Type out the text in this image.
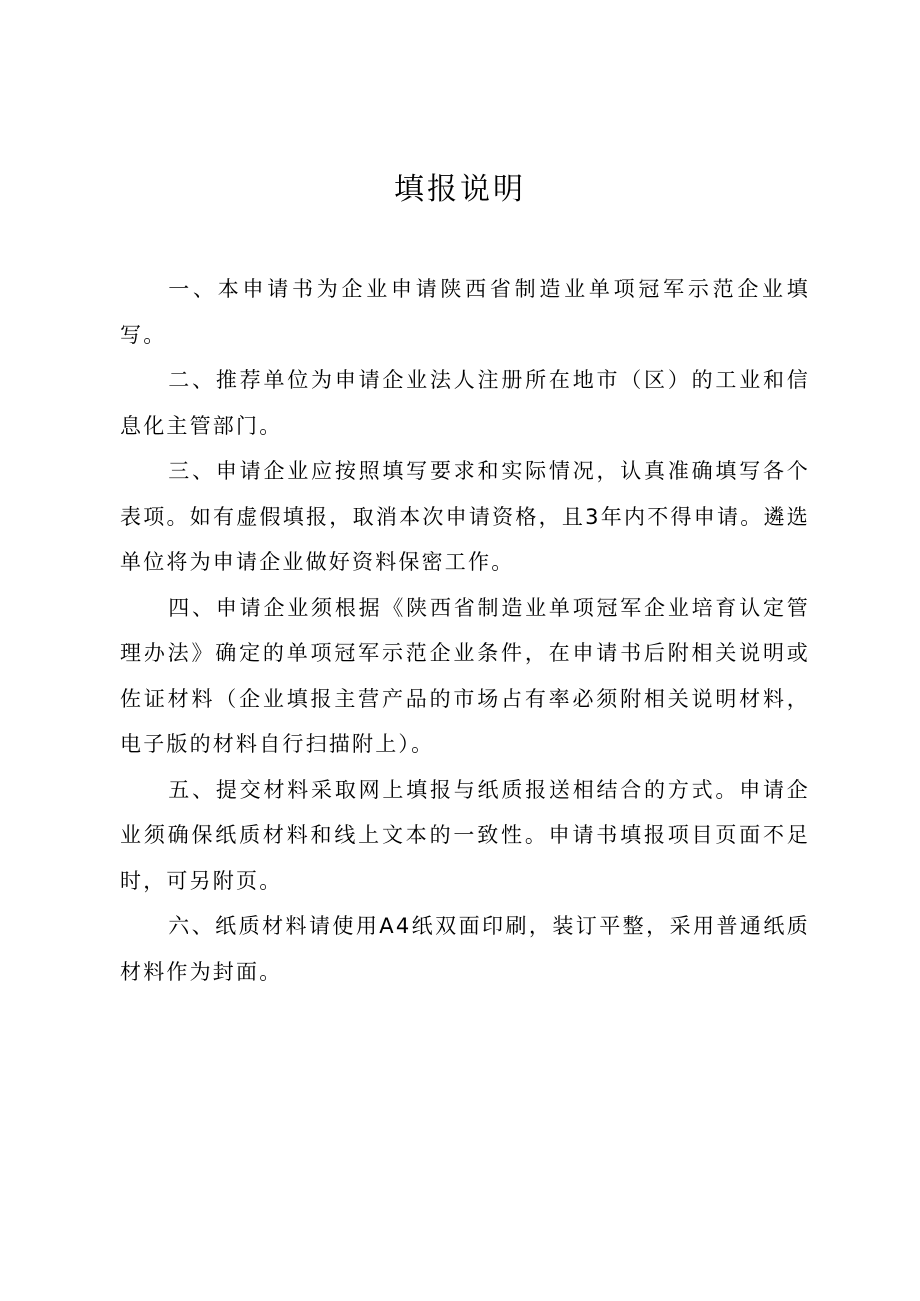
填报说明

一、本申请书为企业申请陕西省制造业单项冠军示范企业填写。

二、推荐单位为申请企业法人注册所在地市（区）的工业和信息化主管部门。

三、申请企业应按照填写要求和实际情况，认真准确填写各个表项。如有虚假填报，取消本次申请资格，且3年内不得申请。遴选单位将为申请企业做好资料保密工作。

四、申请企业须根据《陕西省制造业单项冠军企业培育认定管理办法》确定的单项冠军示范企业条件，在申请书后附相关说明或佐证材料（企业填报主营产品的市场占有率必须附相关说明材料，电子版的材料自行扫描附上）。

五、提交材料采取网上填报与纸质报送相结合的方式。申请企业须确保纸质材料和线上文本的一致性。申请书填报项目页面不足时，可另附页。

六、纸质材料请使用A4纸双面印刷，装订平整，采用普通纸质材料作为封面。
